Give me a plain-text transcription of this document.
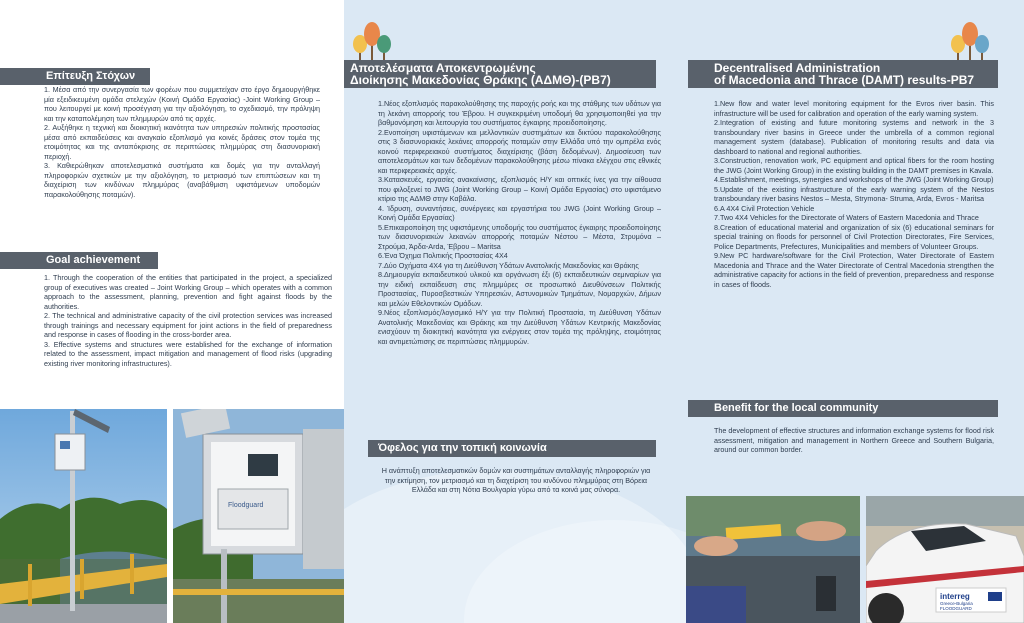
Επίτευξη Στόχων

1. Μέσα από την συνεργασία των φορέων που συμμετείχαν στο έργο δημιουργήθηκε μία εξειδικευμένη ομάδα στελεχών (Κοινή Ομάδα Εργασίας) -Joint Working Group – που λειτουργεί με κοινή προσέγγιση για την αξιολόγηση, το σχεδιασμό, την πρόληψη και την καταπολέμηση των πλημμυρών από τις αρχές.

2. Αυξήθηκε η τεχνική και διοικητική ικανότητα των υπηρεσιών πολιτικής προστασίας μέσα από εκπαιδεύσεις και αναγκαίο εξοπλισμό για κοινές δράσεις στον τομέα της ετοιμότητας και της ανταπόκρισης σε περιπτώσεις πλημμύρας στη διασυνοριακή περιοχή.

3. Καθιερώθηκαν αποτελεσματικά συστήματα και δομές για την ανταλλαγή πληροφοριών σχετικών με την αξιολόγηση, το μετριασμό των επιπτώσεων και τη διαχείριση των κινδύνων πλημμύρας (αναβάθμιση υφιστάμενων υποδομών παρακολούθησης ποταμών).

Goal achievement

1. Through the cooperation of the entities that participated in the project, a specialized group of executives was created – Joint Working Group – which operates with a common approach to the assessment, planning, prevention and fight against floods by the authorities.

2. The technical and administrative capacity of the civil protection services was increased through trainings and necessary equipment for joint actions in the field of preparedness and response in cases of flooding in the cross-border area.

3. Effective systems and structures were established for the exchange of information related to the assessment, impact mitigation and management of flood risks (upgrading existing river monitoring infrastructures).

Floodguard
Αποτελέσματα Αποκεντρωμένης
Διοίκησης Μακεδονίας Θράκης (ΑΔΜΘ)-(PB7)

1.Νέος εξοπλισμός παρακολούθησης της παροχής ροής και της στάθμης των υδάτων για τη λεκάνη απορροής του Έβρου. Η συγκεκριμένη υποδομή θα χρησιμοποιηθεί για την βαθμονόμηση και λειτουργία του συστήματος έγκαιρης προειδοποίησης.

2.Ενοποίηση υφιστάμενων και μελλοντικών συστημάτων και δικτύου παρακολούθησης στις 3 διασυνοριακές λεκάνες απορροής ποταμών στην Ελλάδα υπό την ομπρέλα ενός κοινού περιφερειακού συστήματος διαχείρισης (βάση δεδομένων). Δημοσίευση των αποτελεσμάτων και των δεδομένων παρακολούθησης μέσω πίνακα ελέγχου στις εθνικές και περιφερειακές αρχές.

3.Κατασκευές, εργασίες ανακαίνισης, εξοπλισμός Η/Υ και οπτικές ίνες για την αίθουσα που φιλοξενεί το JWG (Joint Working Group – Κοινή Ομάδα Εργασίας) στο υφιστάμενο κτίριο της ΑΔΜΘ στην Καβάλα.

4. Ίδρυση, συναντήσεις, συνέργειες και εργαστήρια του JWG (Joint Working Group – Κοινή Ομάδα Εργασίας)

5.Επικαιροποίηση της υφιστάμενης υποδομής του συστήματος έγκαιρης προειδοποίησης των διασυνοριακών λεκανών απορροής ποταμών Νέστου – Μέστα, Στρυμόνα – Στρούμα, Άρδα-Arda, Έβρου – Maritsa

6.Ένα Όχημα Πολιτικής Προστασίας 4Χ4

7.Δύο Οχήματα 4Χ4 για τη Διεύθυνση Υδάτων Ανατολικής Μακεδονίας και Θράκης

8.Δημιουργία εκπαιδευτικού υλικού και οργάνωση έξι (6) εκπαιδευτικών σεμιναρίων για την ειδική εκπαίδευση στις πλημμύρες σε προσωπικό Διευθύνσεων Πολιτικής Προστασίας, Πυροσβεστικών Υπηρεσιών, Αστυνομικών Τμημάτων, Νομαρχιών, Δήμων και μελών Εθελοντικών Ομάδων.

9.Νέος εξοπλισμός/λογισμικό Η/Υ για την Πολιτική Προστασία, τη Διεύθυνση Υδάτων Ανατολικής Μακεδονίας και Θράκης και την Διεύθυνση Υδάτων Κεντρικής Μακεδονίας ενισχύουν τη διοικητική ικανότητα για ενέργειες στον τομέα της πρόληψης, ετοιμότητας και αντιμετώπισης σε περιπτώσεις πλημμυρών.

Όφελος για την τοπική κοινωνία
Η ανάπτυξη αποτελεσματικών δομών και συστημάτων ανταλλαγής πληροφοριών για την εκτίμηση, τον μετριασμό και τη διαχείριση του κινδύνου πλημμύρας στη Βόρεια Ελλάδα και στη Νότια Βουλγαρία γύρω από τα κοινά μας σύνορα.
Decentralised Administration
of Macedonia and Thrace (DAMT) results-PB7

1.New flow and water level monitoring equipment for the Evros river basin. This infrastructure will be used for calibration and operation of the early warning system.

2.Integration of existing and future monitoring systems and network in the 3 transboundary river basins in Greece under the umbrella of a common regional management system (database). Publication of monitoring results and data via dashboard to national and regional authorities.

3.Construction, renovation work, PC equipment and optical fibers for the room hosting the JWG (Joint Working Group) in the existing building in the DAMT premises in Kavala.

4.Establishment, meetings, synergies and workshops of the JWG (Joint Working Group)

5.Update of the existing infrastructure of the early warning system of the Nestos transboundary river basins Nestos – Mesta, Strymona- Struma, Arda, Evros - Maritsa

6.A 4X4 Civil Protection Vehicle

7.Two 4X4 Vehicles for the Directorate of Waters of Eastern Macedonia and Thrace

8.Creation of educational material and organization of six (6) educational seminars for special training on floods for personnel of Civil Protection Directorates, Fire Services, Police Departments, Prefectures, Municipalities and members of Volunteer Groups.

9.New PC hardware/software for the Civil Protection, Water Directorate of Eastern Macedonia and Thrace and the Water Directorate of Central Macedonia strengthen the administrative capacity for actions in the field of prevention, preparedness and response in cases of floods.

Benefit for the local community
The development of effective structures and information exchange systems for flood risk assessment, mitigation and management in Northern Greece and Southern Bulgaria, around our common border.
interreg
Greece-Bulgaria
FLOODGUARD
